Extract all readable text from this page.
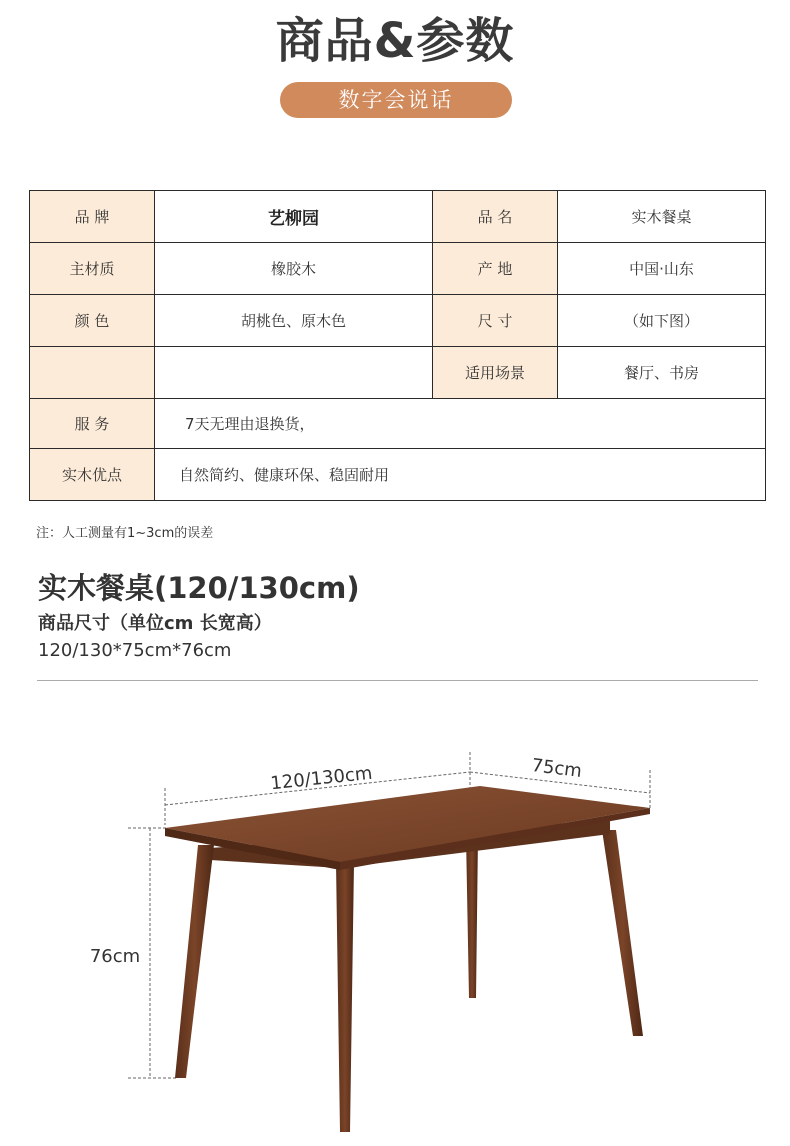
商品&参数
数字会说话
品 牌	艺柳园	品 名	实木餐桌
主材质	橡胶木	产 地	中国·山东
颜 色	胡桃色、原木色	尺 寸	（如下图）
		适用场景	餐厅、书房
服 务	7天无理由退换货，		
实木优点	自然简约、健康环保、稳固耐用		
注：人工测量有1~3cm的误差
实木餐桌(120/130cm)
商品尺寸（单位cm 长宽高）
120/130*75cm*76cm
120/130cm	75cm
76cm
